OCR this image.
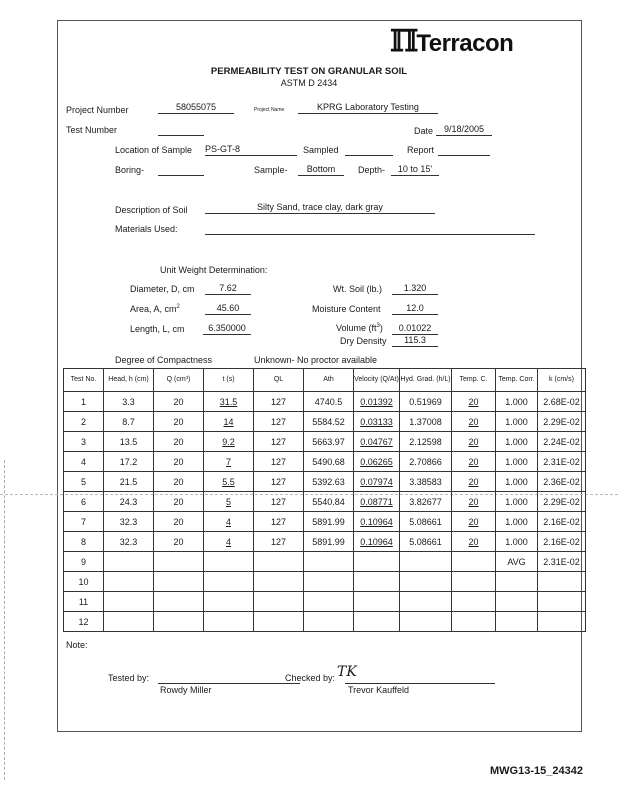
ℿ Terracon
PERMEABILITY TEST ON GRANULAR SOIL
ASTM D 2434
Project Number	58055075	Project Name	KPRG Laboratory Testing
Test Number	Date	9/18/2005
Location of Sample PS-GT-8	Sampled	Report
Boring-	Sample-	Bottom	Depth-	10 to 15'
Description of Soil	Silty Sand, trace clay, dark gray
Materials Used:
Unit Weight Determination:
Diameter, D, cm	7.62
Area, A, $cm^2$	45.60
Length, L, cm	6.350000
Wt. Soil (lb.)	1.320
Moisture Content	12.0
Volume $(ft^3)$	0.01022
Dry Density	115.3
Degree of Compactness	Unknown- No proctor available
Test No.	Head, h (cm)	Q (cm³)	t (s)	QL	Ath	Velocity (Q/At)	Hyd. Grad. (h/L)	Temp. C.	Temp. Corr.	k (cm/s)
1	3.3	20	31.5	127	4740.5	0.01392	0.51969	20	1.000	2.68E-02
2	8.7	20	14	127	5584.52	0.03133	1.37008	20	1.000	2.29E-02
3	13.5	20	9.2	127	5663.97	0.04767	2.12598	20	1.000	2.24E-02
4	17.2	20	7	127	5490.68	0.06265	2.70866	20	1.000	2.31E-02
5	21.5	20	5.5	127	5392.63	0.07974	3.38583	20	1.000	2.36E-02
6	24.3	20	5	127	5540.84	0.08771	3.82677	20	1.000	2.29E-02
7	32.3	20	4	127	5891.99	0.10964	5.08661	20	1.000	2.16E-02
8	32.3	20	4	127	5891.99	0.10964	5.08661	20	1.000	2.16E-02
9									AVG	2.31E-02
10										
11										
12										
Note:
Tested by:
Rowdy Miller
Checked by: TK
Trevor Kauffeld
MWG13-15_24342
